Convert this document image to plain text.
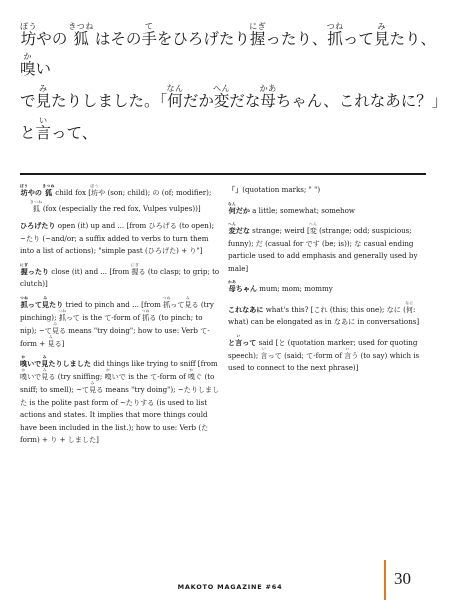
坊ぼうやの 狐きつね はその手てをひろげたり握にぎったり、抓つねって見みたり、嗅かい
で見みたりしました。「何なんだか変へんだな母かあちゃん、これなあに？」
と言いって、
坊ぼうやの 狐きつね child fox [坊ぼうや (son; child); の (of; modifier);
狐きつね (fox (especially the red fox, Vulpes vulpes))]
ひろげたり open (it) up and ... [from ひろげる (to open); ~たり (~and/or; a suffix added to verbs to turn them into a list of actions); "simple past (ひろげた) + り"]
握にぎったり close (it) and ... [from 握にぎる (to clasp; to grip; to clutch)]
抓つねって見みたり tried to pinch and ... [from 抓つねって見みる (try pinching); 抓つねって is the て-form of 抓つねる (to pinch; to nip); ~て見みる means "try doing"; how to use: Verb て-form + 見みる]
嗅かいで見みたりしました did things like trying to sniff [from 嗅かいで見みる (try sniffing; 嗅かいで is the て-form of 嗅かぐ (to sniff; to smell); ~て見みる means "try doing"); ~たりしました is the polite past form of ~たりする (is used to list actions and states. It implies that more things could have been included in the list.); how to use: Verb (た form) + り + しました]
「」(quotation marks; " ")
何なんだか a little; somewhat; somehow
変へんだな strange; weird [変へん (strange; odd; suspicious; funny); だ (casual for です (be; is)); な casual ending particle used to add emphasis and generally used by male]
母かあちゃん mum; mom; mommy
これなあに what's this? [これ (this; this one); なに (何なに: what) can be elongated as in なあに in conversations]
と言いって said [と (quotation marker; used for quoting speech); 言いって (said; て-form of 言いう (to say) which is used to connect to the next phrase)]
MAKOTO MAGAZINE #64	30
